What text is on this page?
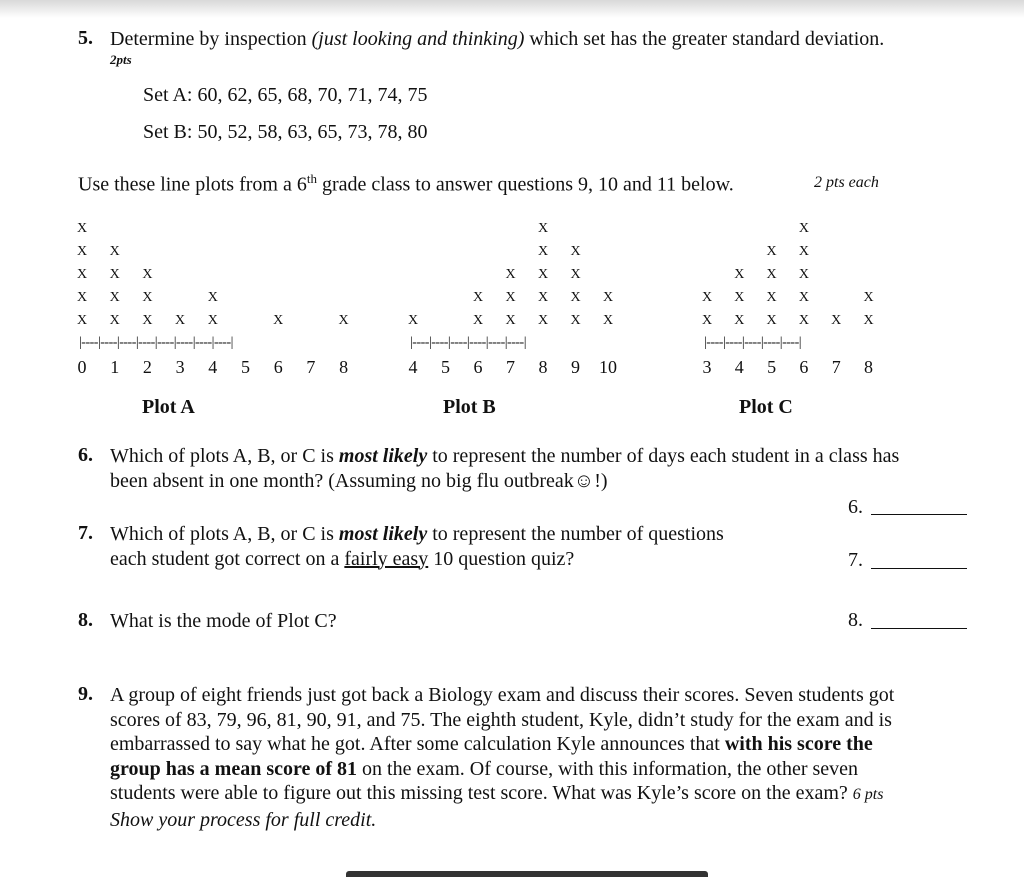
5. Determine by inspection (just looking and thinking) which set has the greater standard deviation.
2pts
Set A: 60, 62, 65, 68, 70, 71, 74, 75
Set B: 50, 52, 58, 63, 65, 73, 78, 80
Use these line plots from a 6th grade class to answer questions 9, 10 and 11 below.	2 pts each
X
X
X
X
X
X
X
X
X
X
X
X
X X
X
X	X
|----|----|----|----|----|----|----|----|
0 1 2 3 4 5 6 7 8
Plot A
X	X
X
X
X
X
X
X
X
X
X
X
X
X
X
X
X
|----|----|----|----|----|----|
4 5 6 7 8 9 10
Plot B
X
X
X
X
X
X
X
X
X
X
X
X
X
X
X X
X
|----|----|----|----|----|
3 4 5 6 7 8
Plot C
6. Which of plots A, B, or C is most likely to represent the number of days each student in a class has
been absent in one month? (Assuming no big flu outbreak☺!)
6.
7. Which of plots A, B, or C is most likely to represent the number of questions
each student got correct on a fairly easy 10 question quiz?	7.
8. What is the mode of Plot C?	8.
9. A group of eight friends just got back a Biology exam and discuss their scores. Seven students got
scores of 83, 79, 96, 81, 90, 91, and 75. The eighth student, Kyle, didn’t study for the exam and is
embarrassed to say what he got. After some calculation Kyle announces that with his score the
group has a mean score of 81 on the exam. Of course, with this information, the other seven
students were able to figure out this missing test score. What was Kyle’s score on the exam? 6 pts
Show your process for full credit.
